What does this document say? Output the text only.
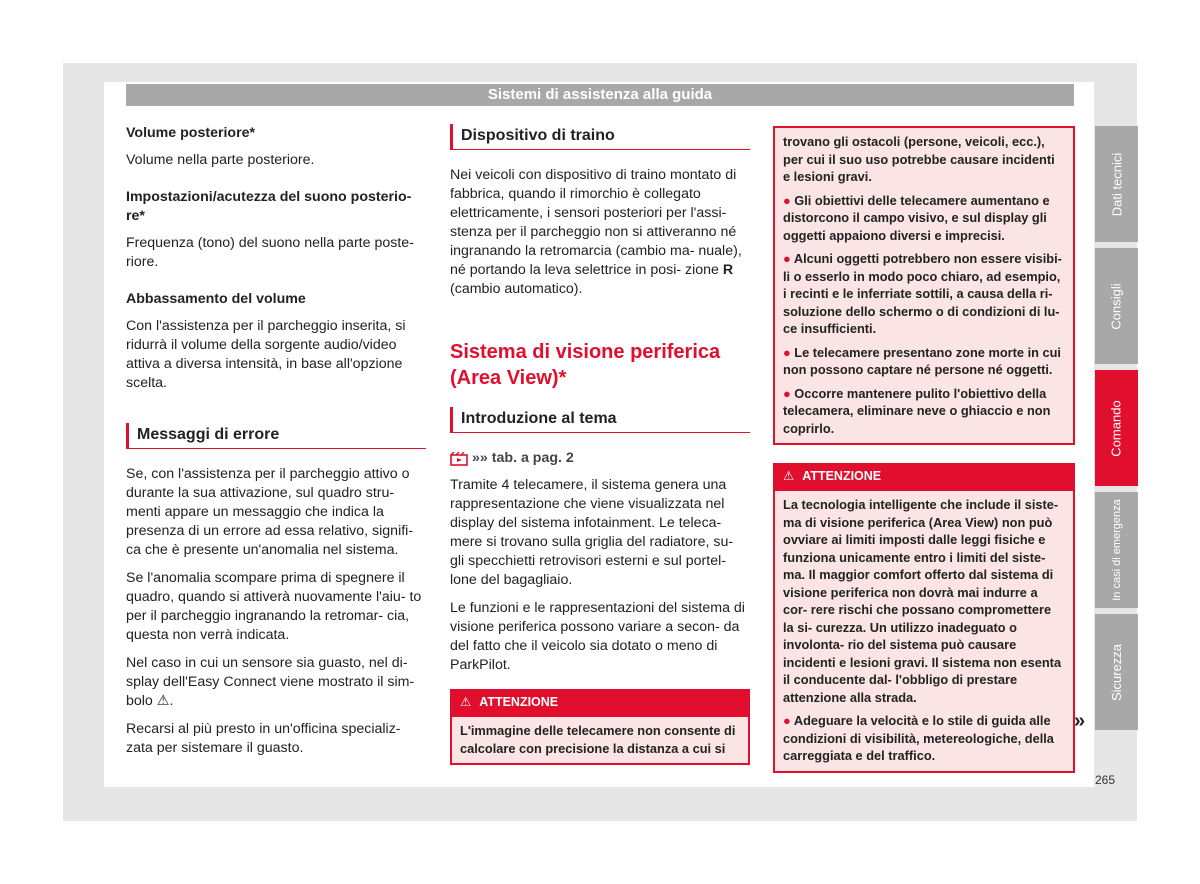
Sistemi di assistenza alla guida
Volume posteriore*

Volume nella parte posteriore.

Impostazioni/acutezza del suono posterio- re*

Frequenza (tono) del suono nella parte poste- riore.

Abbassamento del volume

Con l'assistenza per il parcheggio inserita, si ridurrà il volume della sorgente audio/video attiva a diversa intensità, in base all'opzione scelta.

Messaggi di errore

Se, con l'assistenza per il parcheggio attivo o durante la sua attivazione, sul quadro stru- menti appare un messaggio che indica la presenza di un errore ad essa relativo, signifi- ca che è presente un'anomalia nel sistema.

Se l'anomalia scompare prima di spegnere il quadro, quando si attiverà nuovamente l'aiu- to per il parcheggio ingranando la retromar- cia, questa non verrà indicata.

Nel caso in cui un sensore sia guasto, nel di- splay dell'Easy Connect viene mostrato il sim- bolo ⚠.

Recarsi al più presto in un'officina specializ- zata per sistemare il guasto.

Dispositivo di traino

Nei veicoli con dispositivo di traino montato di fabbrica, quando il rimorchio è collegato elettricamente, i sensori posteriori per l'assi- stenza per il parcheggio non si attiveranno né ingranando la retromarcia (cambio ma- nuale), né portando la leva selettrice in posi- zione R (cambio automatico).

Sistema di visione periferica (Area View)*
Introduzione al tema
»» tab. a pag. 2

Tramite 4 telecamere, il sistema genera una rappresentazione che viene visualizzata nel display del sistema infotainment. Le teleca- mere si trovano sulla griglia del radiatore, su- gli specchietti retrovisori esterni e sul portel- lone del bagagliaio.

Le funzioni e le rappresentazioni del sistema di visione periferica possono variare a secon- da del fatto che il veicolo sia dotato o meno di ParkPilot.

⚠ ATTENZIONE

L'immagine delle telecamere non consente di calcolare con precisione la distanza a cui si

trovano gli ostacoli (persone, veicoli, ecc.), per cui il suo uso potrebbe causare incidenti e lesioni gravi.

● Gli obiettivi delle telecamere aumentano e distorcono il campo visivo, e sul display gli oggetti appaiono diversi e imprecisi.

● Alcuni oggetti potrebbero non essere visibi- li o esserlo in modo poco chiaro, ad esempio, i recinti e le inferriate sottili, a causa della ri- soluzione dello schermo o di condizioni di lu- ce insufficienti.

● Le telecamere presentano zone morte in cui non possono captare né persone né oggetti.

● Occorre mantenere pulito l'obiettivo della telecamera, eliminare neve o ghiaccio e non coprirlo.

⚠ ATTENZIONE

La tecnologia intelligente che include il siste- ma di visione periferica (Area View) non può ovviare ai limiti imposti dalle leggi fisiche e funziona unicamente entro i limiti del siste- ma. Il maggior comfort offerto dal sistema di visione periferica non dovrà mai indurre a cor- rere rischi che possano compromettere la si- curezza. Un utilizzo inadeguato o involonta- rio del sistema può causare incidenti e lesioni gravi. Il sistema non esenta il conducente dal- l'obbligo di prestare attenzione alla strada.

● Adeguare la velocità e lo stile di guida alle condizioni di visibilità, metereologiche, della carreggiata e del traffico.

»
Dati tecnici
Consigli
Comando
In casi di emergenza
Sicurezza
265
